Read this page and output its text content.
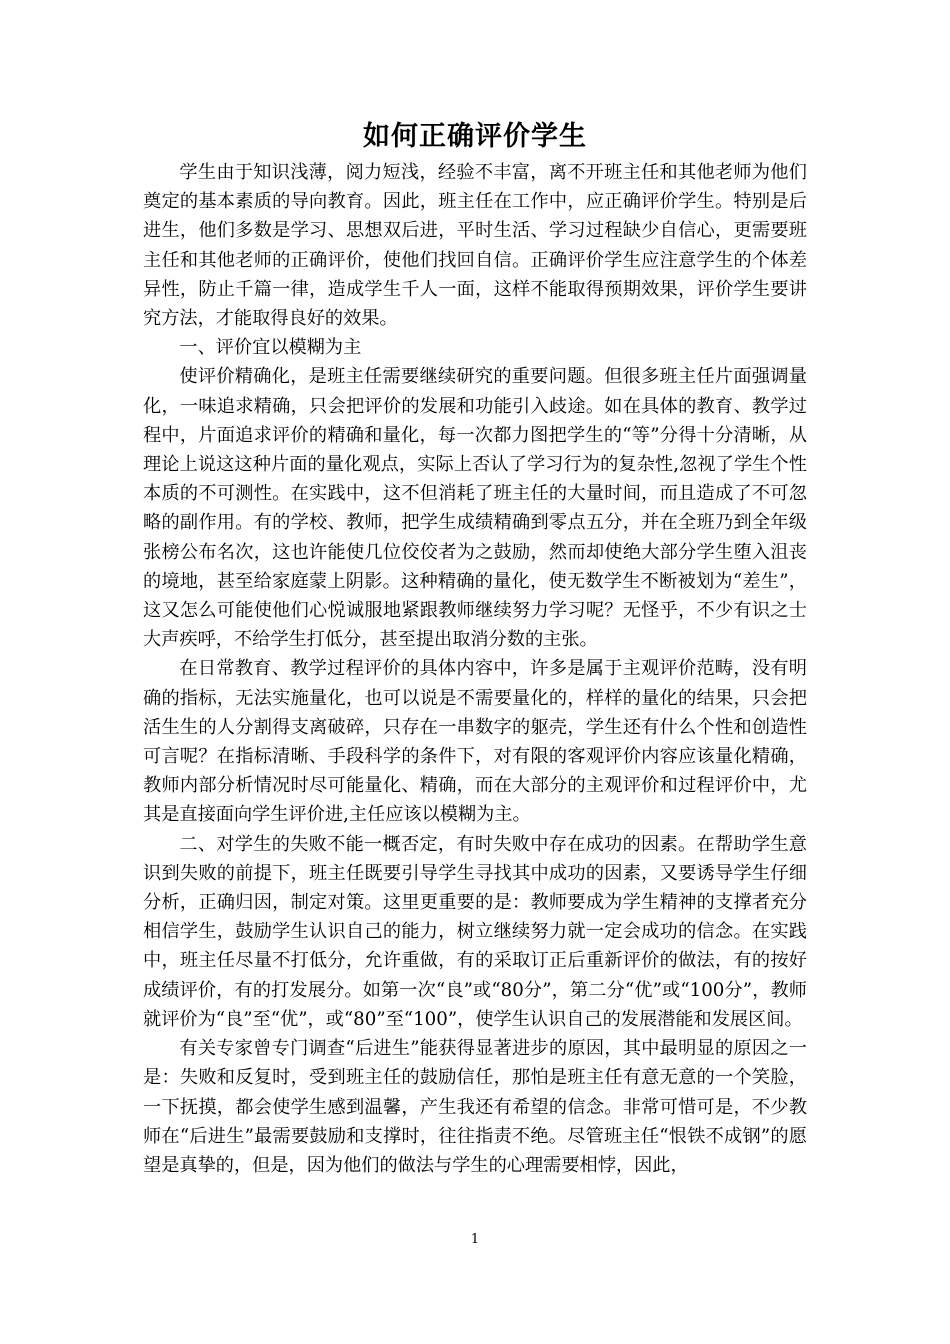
如何正确评价学生

学生由于知识浅薄，阅力短浅，经验不丰富，离不开班主任和其他老师为他们奠定的基本素质的导向教育。因此，班主任在工作中，应正确评价学生。特别是后进生，他们多数是学习、思想双后进，平时生活、学习过程缺少自信心，更需要班主任和其他老师的正确评价，使他们找回自信。正确评价学生应注意学生的个体差异性，防止千篇一律，造成学生千人一面，这样不能取得预期效果，评价学生要讲究方法，才能取得良好的效果。

一、评价宜以模糊为主

使评价精确化，是班主任需要继续研究的重要问题。但很多班主任片面强调量化，一味追求精确，只会把评价的发展和功能引入歧途。如在具体的教育、教学过程中，片面追求评价的精确和量化，每一次都力图把学生的“等”分得十分清晰，从理论上说这这种片面的量化观点，实际上否认了学习行为的复杂性,忽视了学生个性本质的不可测性。在实践中，这不但消耗了班主任的大量时间，而且造成了不可忽略的副作用。有的学校、教师，把学生成绩精确到零点五分，并在全班乃到全年级张榜公布名次，这也许能使几位佼佼者为之鼓励，然而却使绝大部分学生堕入沮丧的境地，甚至给家庭蒙上阴影。这种精确的量化，使无数学生不断被划为“差生”，这又怎么可能使他们心悦诚服地紧跟教师继续努力学习呢？无怪乎，不少有识之士大声疾呼，不给学生打低分，甚至提出取消分数的主张。

在日常教育、教学过程评价的具体内容中，许多是属于主观评价范畴，没有明确的指标，无法实施量化，也可以说是不需要量化的，样样的量化的结果，只会把活生生的人分割得支离破碎，只存在一串数字的躯壳，学生还有什么个性和创造性可言呢？在指标清晰、手段科学的条件下，对有限的客观评价内容应该量化精确，教师内部分析情况时尽可能量化、精确，而在大部分的主观评价和过程评价中，尤其是直接面向学生评价进,主任应该以模糊为主。

二、对学生的失败不能一概否定，有时失败中存在成功的因素。在帮助学生意识到失败的前提下，班主任既要引导学生寻找其中成功的因素，又要诱导学生仔细分析，正确归因，制定对策。这里更重要的是：教师要成为学生精神的支撑者充分相信学生，鼓励学生认识自己的能力，树立继续努力就一定会成功的信念。在实践中，班主任尽量不打低分，允许重做，有的采取订正后重新评价的做法，有的按好成绩评价，有的打发展分。如第一次“良”或“80分”，第二分“优”或“100分”，教师就评价为“良”至“优”，或“80”至“100”，使学生认识自己的发展潜能和发展区间。

有关专家曾专门调查“后进生”能获得显著进步的原因，其中最明显的原因之一是：失败和反复时，受到班主任的鼓励信任，那怕是班主任有意无意的一个笑脸，一下抚摸，都会使学生感到温馨，产生我还有希望的信念。非常可惜可是，不少教师在“后进生”最需要鼓励和支撑时，往往指责不绝。尽管班主任“恨铁不成钢”的愿望是真挚的，但是，因为他们的做法与学生的心理需要相悖，因此，

1
